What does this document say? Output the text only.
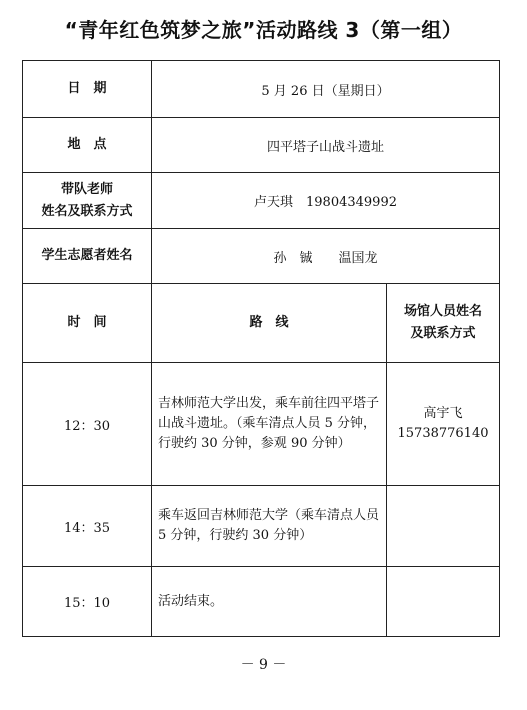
“青年红色筑梦之旅”活动路线 3（第一组）
日　期	5 月 26 日（星期日）	
地　点	四平塔子山战斗遗址	

带队老师
姓名及联系方式	卢天琪　19804349992	
学生志愿者姓名	孙　铖 温国龙	
时　间	路　线	场馆人员姓名
及联系方式

12：30	吉林师范大学出发，乘车前往四平塔子山战斗遗址。（乘车清点人员 5 分钟，行驶约 30 分钟，参观 90 分钟）	高宇飞
15738776140

14：35	乘车返回吉林师范大学（乘车清点人员 5 分钟，行驶约 30 分钟）	

15：10	活动结束。	
－ 9 －
